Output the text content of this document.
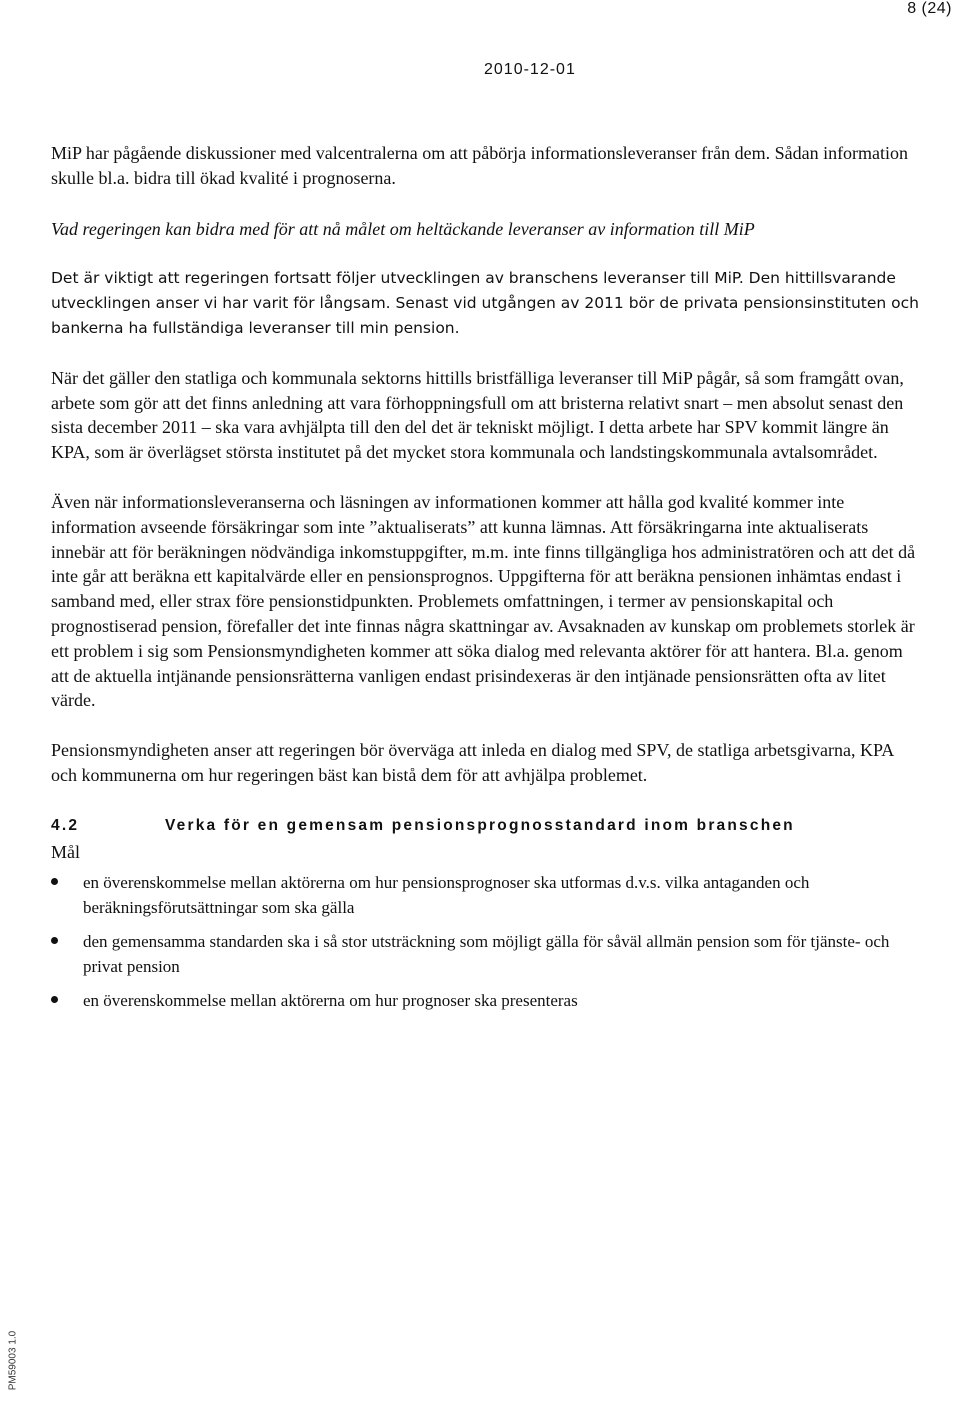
8 (24)
2010-12-01

MiP har pågående diskussioner med valcentralerna om att påbörja informationsleveranser från dem. Sådan information skulle bl.a. bidra till ökad kvalité i prognoserna.

Vad regeringen kan bidra med för att nå målet om heltäckande leveranser av information till MiP

Det är viktigt att regeringen fortsatt följer utvecklingen av branschens leveranser till MiP. Den hittillsvarande utvecklingen anser vi har varit för långsam. Senast vid utgången av 2011 bör de privata pensionsinstituten och bankerna ha fullständiga leveranser till min pension.

När det gäller den statliga och kommunala sektorns hittills bristfälliga leveranser till MiP pågår, så som framgått ovan, arbete som gör att det finns anledning att vara förhoppningsfull om att bristerna relativt snart – men absolut senast den sista december 2011 – ska vara avhjälpta till den del det är tekniskt möjligt. I detta arbete har SPV kommit längre än KPA, som är överlägset största institutet på det mycket stora kommunala och landstingskommunala avtalsområdet.

Även när informationsleveranserna och läsningen av informationen kommer att hålla god kvalité kommer inte information avseende försäkringar som inte ”aktualiserats” att kunna lämnas. Att försäkringarna inte aktualiserats innebär att för beräkningen nödvändiga inkomstuppgifter, m.m. inte finns tillgängliga hos administratören och att det då inte går att beräkna ett kapitalvärde eller en pensionsprognos. Uppgifterna för att beräkna pensionen inhämtas endast i samband med, eller strax före pensionstidpunkten. Problemets omfattningen, i termer av pensionskapital och prognostiserad pension, förefaller det inte finnas några skattningar av. Avsaknaden av kunskap om problemets storlek är ett problem i sig som Pensionsmyndigheten kommer att söka dialog med relevanta aktörer för att hantera. Bl.a. genom att de aktuella intjänande pensionsrätterna vanligen endast prisindexeras är den intjänade pensionsrätten ofta av litet värde.

Pensionsmyndigheten anser att regeringen bör överväga att inleda en dialog med SPV, de statliga arbetsgivarna, KPA och kommunerna om hur regeringen bäst kan bistå dem för att avhjälpa problemet.

4.2	Verka för en gemensam pensionsprognosstandard inom branschen

Mål

en överenskommelse mellan aktörerna om hur pensionsprognoser ska utformas d.v.s. vilka antaganden och beräkningsförutsättningar som ska gälla
den gemensamma standarden ska i så stor utsträckning som möjligt gälla för såväl allmän pension som för tjänste- och privat pension
en överenskommelse mellan aktörerna om hur prognoser ska presenteras
PM59003 1.0
